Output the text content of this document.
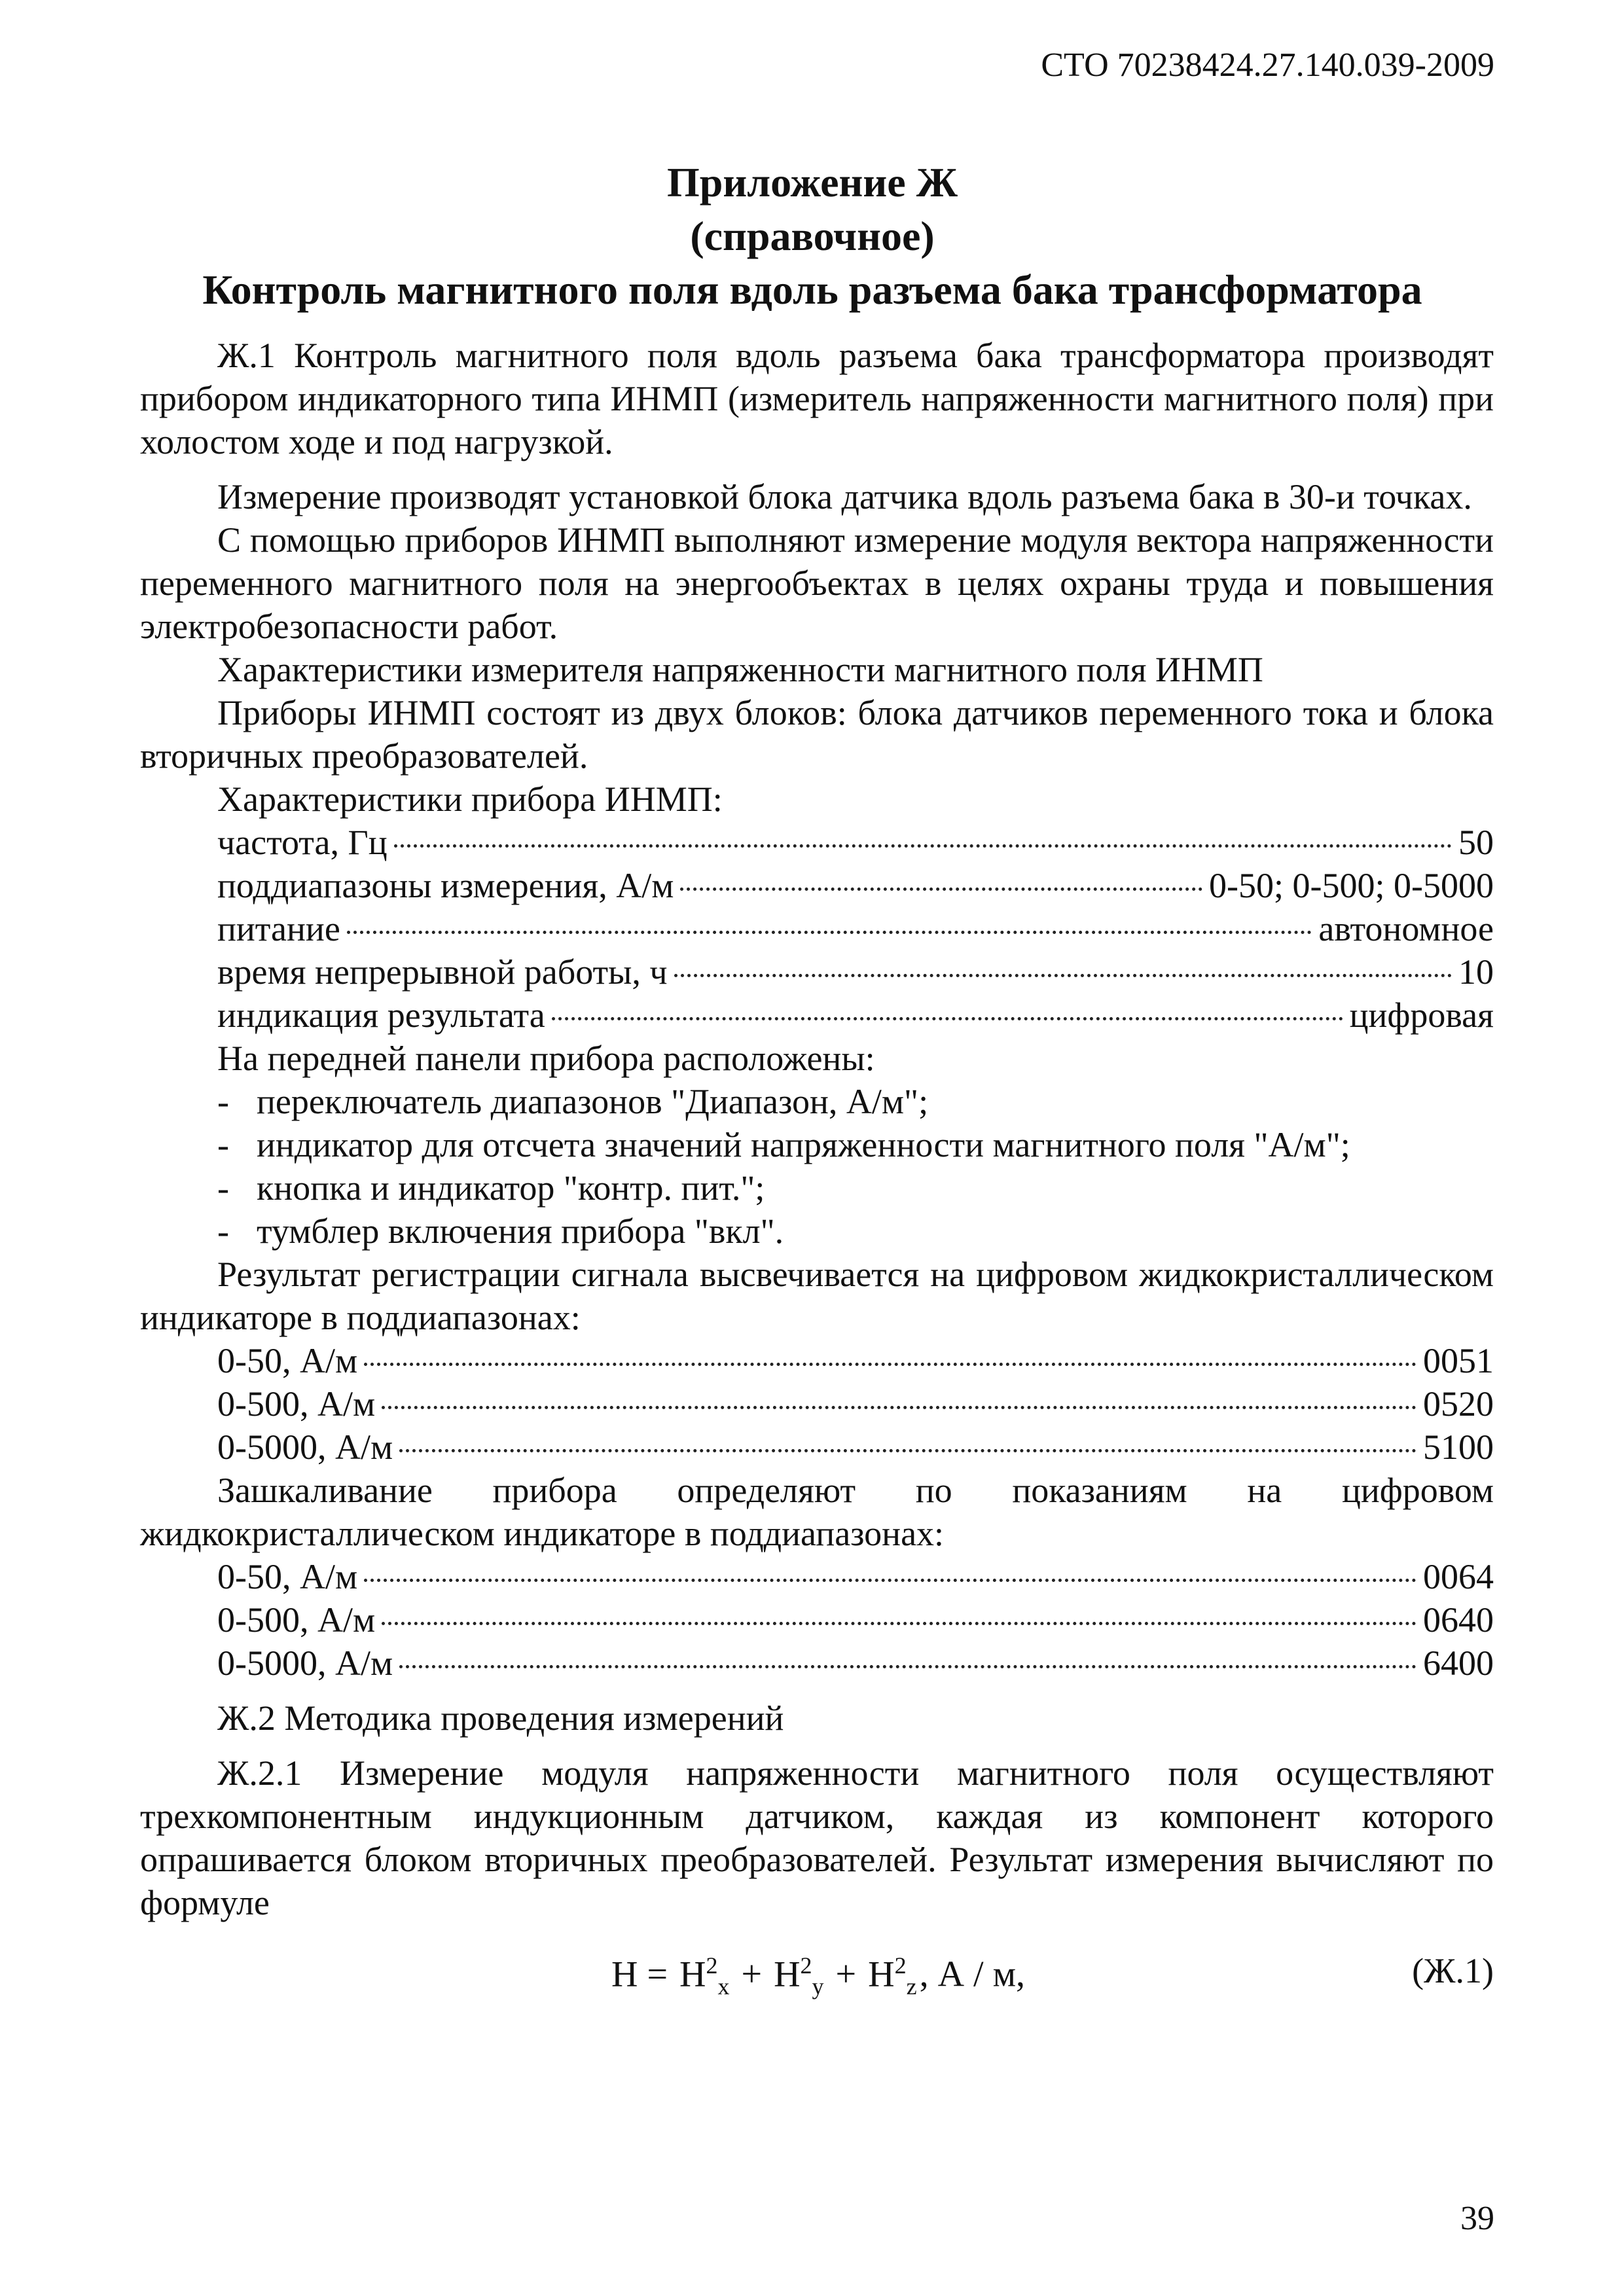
СТО 70238424.27.140.039-2009
Приложение Ж
(справочное)
Контроль магнитного поля вдоль разъема бака трансформатора

Ж.1 Контроль магнитного поля вдоль разъема бака трансформатора производят прибором индикаторного типа ИНМП (измеритель напряженности магнитного поля) при холостом ходе и под нагрузкой.

Измерение производят установкой блока датчика вдоль разъема бака в 30-и точках.

С помощью приборов ИНМП выполняют измерение модуля вектора напряженности переменного магнитного поля на энергообъектах в целях охраны труда и повышения электробезопасности работ.

Характеристики измерителя напряженности магнитного поля ИНМП

Приборы ИНМП состоят из двух блоков: блока датчиков переменного тока и блока вторичных преобразователей.

Характеристики прибора ИНМП:
частота, Гц	50
поддиапазоны измерения, А/м	0-50; 0-500; 0-5000
питание	автономное
время непрерывной работы, ч	10
индикация результата	цифровая
На передней панели прибора расположены:
- переключатель диапазонов "Диапазон, А/м";
- индикатор для отсчета значений напряженности магнитного поля "А/м";
- кнопка и индикатор "контр. пит.";
- тумблер включения прибора "вкл".

Результат регистрации сигнала высвечивается на цифровом жидкокристаллическом индикаторе в поддиапазонах:

0-50, А/м	0051
0-500, А/м	0520
0-5000, А/м	5100

Зашкаливание прибора определяют по показаниям на цифровом жидкокристаллическом индикаторе в поддиапазонах:

0-50, А/м	0064
0-500, А/м	0640
0-5000, А/м	6400
Ж.2 Методика проведения измерений

Ж.2.1 Измерение модуля напряженности магнитного поля осуществляют трехкомпонентным индукционным датчиком, каждая из компонент которого опрашивается блоком вторичных преобразователей. Результат измерения вычисляют по формуле

$H = H^2_x + H^2_y + H^2_z$, А / м,	(Ж.1)
39
